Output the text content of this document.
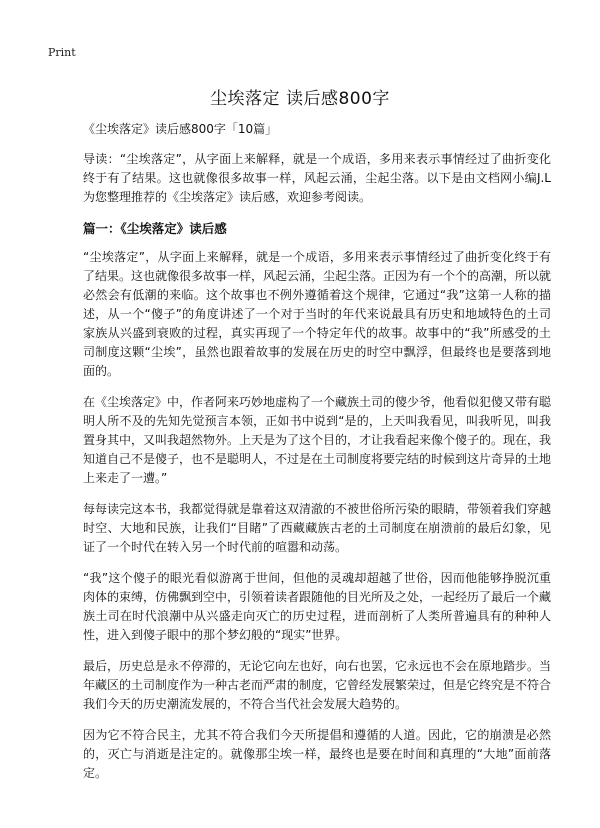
Print
尘埃落定 读后感800字

《尘埃落定》读后感800字「10篇」

导读：“尘埃落定”，从字面上来解释，就是一个成语，多用来表示事情经过了曲折变化终于有了结果。这也就像很多故事一样，风起云涌，尘起尘落。以下是由文档网小编J.L为您整理推荐的《尘埃落定》读后感，欢迎参考阅读。

篇一：《尘埃落定》读后感

“尘埃落定”，从字面上来解释，就是一个成语，多用来表示事情经过了曲折变化终于有了结果。这也就像很多故事一样，风起云涌，尘起尘落。正因为有一个个的高潮，所以就必然会有低潮的来临。这个故事也不例外遵循着这个规律，它通过“我”这第一人称的描述，从一个“傻子”的角度讲述了一个对于当时的年代来说最具有历史和地域特色的土司家族从兴盛到衰败的过程，真实再现了一个特定年代的故事。故事中的“我”所感受的土司制度这颗“尘埃”，虽然也跟着故事的发展在历史的时空中飘浮，但最终也是要落到地面的。

在《尘埃落定》中，作者阿来巧妙地虚构了一个藏族土司的傻少爷，他看似犯傻又带有聪明人所不及的先知先觉预言本领，正如书中说到“是的，上天叫我看见，叫我听见，叫我置身其中，又叫我超然物外。上天是为了这个目的，才让我看起来像个傻子的。现在，我知道自己不是傻子，也不是聪明人，不过是在土司制度将要完结的时候到这片奇异的土地上来走了一遭。”

每每读完这本书，我都觉得就是靠着这双清澈的不被世俗所污染的眼睛，带领着我们穿越时空、大地和民族，让我们“目睹”了西藏藏族古老的土司制度在崩溃前的最后幻象，见证了一个时代在转入另一个时代前的喧嚣和动荡。

“我”这个傻子的眼光看似游离于世间，但他的灵魂却超越了世俗，因而他能够挣脱沉重肉体的束缚，仿佛飘到空中，引领着读者跟随他的目光所及之处，一起经历了最后一个藏族土司在时代浪潮中从兴盛走向灭亡的历史过程，进而剖析了人类所普遍具有的种种人性，进入到傻子眼中的那个梦幻般的“现实”世界。

最后，历史总是永不停滞的，无论它向左也好，向右也罢，它永远也不会在原地踏步。当年藏区的土司制度作为一种古老而严肃的制度，它曾经发展繁荣过，但是它终究是不符合我们今天的历史潮流发展的，不符合当代社会发展大趋势的。

因为它不符合民主，尤其不符合我们今天所提倡和遵循的人道。因此，它的崩溃是必然的，灭亡与消逝是注定的。就像那尘埃一样，最终也是要在时间和真理的“大地”面前落定。
